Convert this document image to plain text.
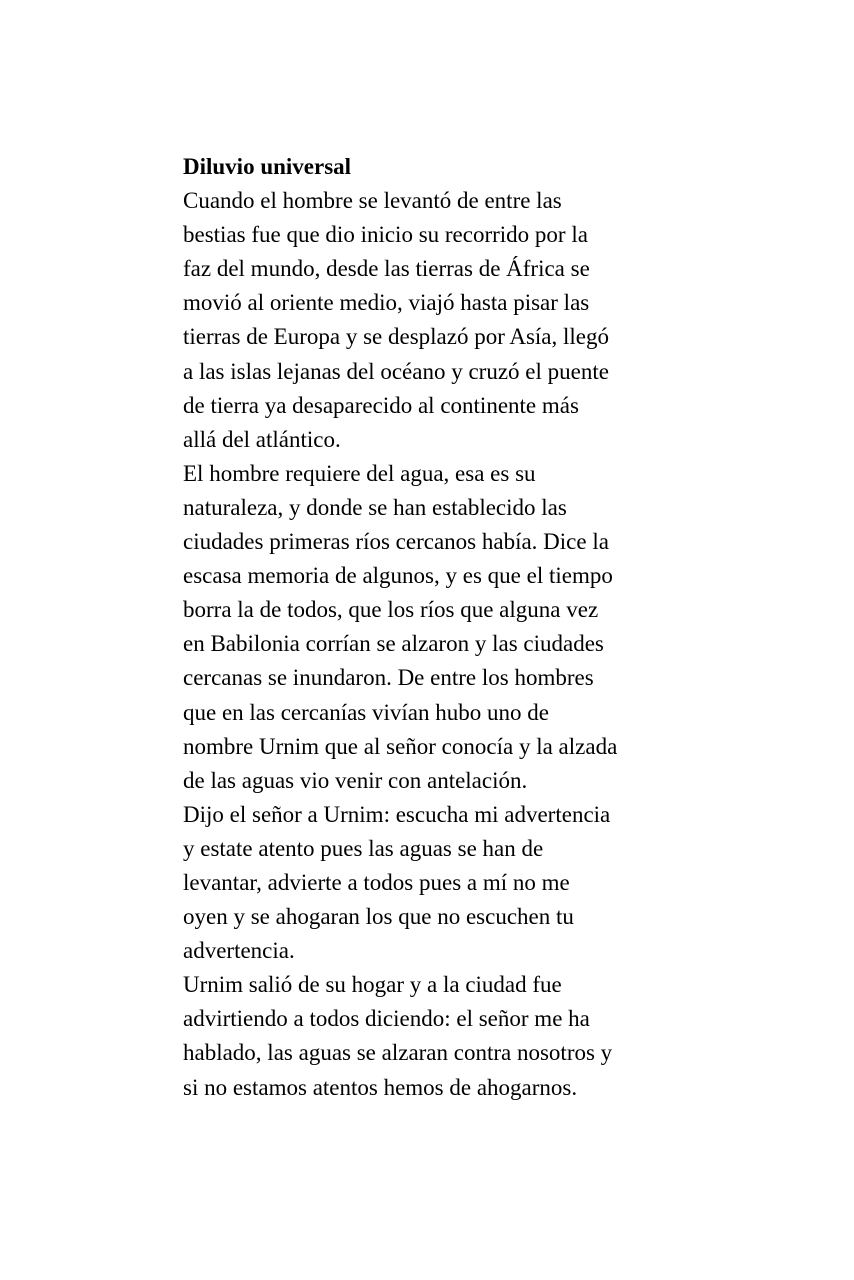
Diluvio universal
Cuando el hombre se levantó de entre las
bestias fue que dio inicio su recorrido por la
faz del mundo, desde las tierras de África se
movió al oriente medio, viajó hasta pisar las
tierras de Europa y se desplazó por Asía, llegó
a las islas lejanas del océano y cruzó el puente
de tierra ya desaparecido al continente más
allá del atlántico.
El hombre requiere del agua, esa es su
naturaleza, y donde se han establecido las
ciudades primeras ríos cercanos había. Dice la
escasa memoria de algunos, y es que el tiempo
borra la de todos, que los ríos que alguna vez
en Babilonia corrían se alzaron y las ciudades
cercanas se inundaron. De entre los hombres
que en las cercanías vivían hubo uno de
nombre Urnim que al señor conocía y la alzada
de las aguas vio venir con antelación.
Dijo el señor a Urnim: escucha mi advertencia
y estate atento pues las aguas se han de
levantar, advierte a todos pues a mí no me
oyen y se ahogaran los que no escuchen tu
advertencia.
Urnim salió de su hogar y a la ciudad fue
advirtiendo a todos diciendo: el señor me ha
hablado, las aguas se alzaran contra nosotros y
si no estamos atentos hemos de ahogarnos.
